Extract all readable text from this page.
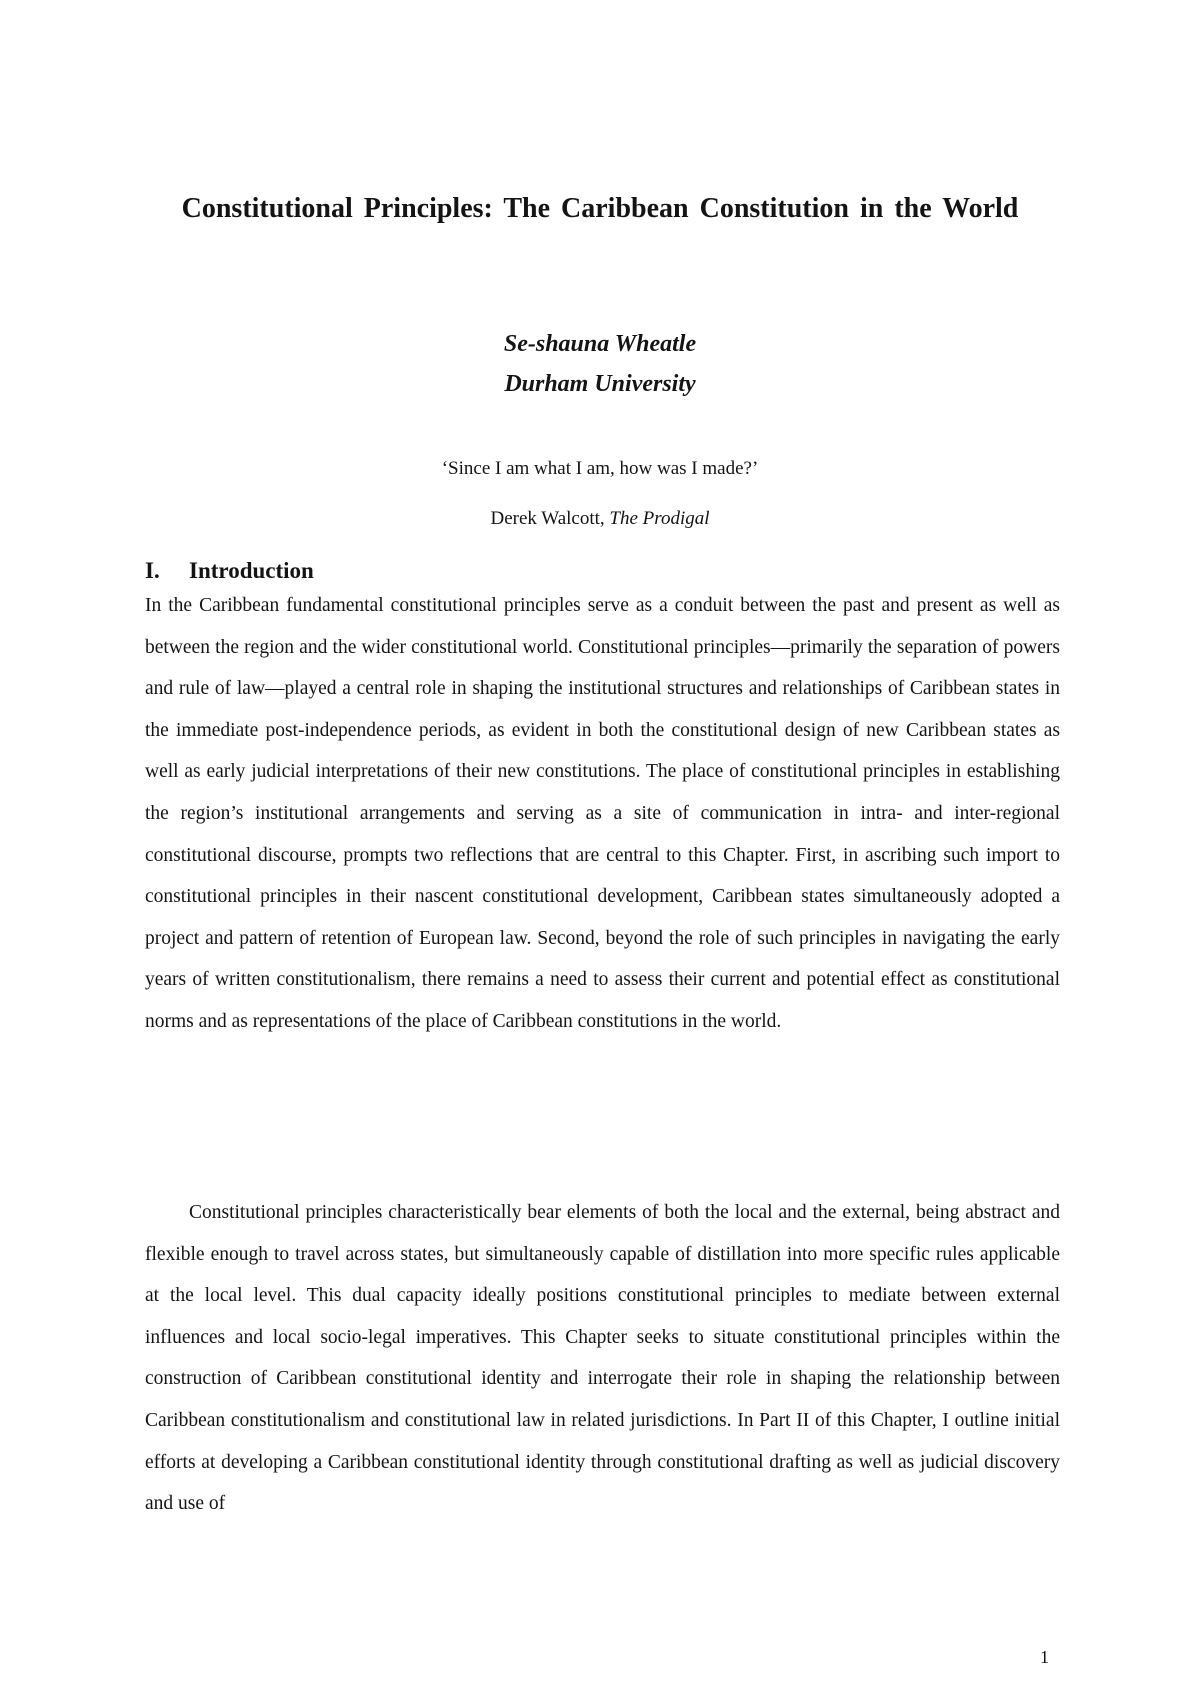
Constitutional Principles: The Caribbean Constitution in the World
Se-shauna Wheatle
Durham University
‘Since I am what I am, how was I made?’
Derek Walcott, The Prodigal
I. Introduction

In the Caribbean fundamental constitutional principles serve as a conduit between the past and present as well as between the region and the wider constitutional world. Constitutional principles—primarily the separation of powers and rule of law—played a central role in shaping the institutional structures and relationships of Caribbean states in the immediate post-independence periods, as evident in both the constitutional design of new Caribbean states as well as early judicial interpretations of their new constitutions. The place of constitutional principles in establishing the region’s institutional arrangements and serving as a site of communication in intra- and inter-regional constitutional discourse, prompts two reflections that are central to this Chapter. First, in ascribing such import to constitutional principles in their nascent constitutional development, Caribbean states simultaneously adopted a project and pattern of retention of European law. Second, beyond the role of such principles in navigating the early years of written constitutionalism, there remains a need to assess their current and potential effect as constitutional norms and as representations of the place of Caribbean constitutions in the world.

Constitutional principles characteristically bear elements of both the local and the external, being abstract and flexible enough to travel across states, but simultaneously capable of distillation into more specific rules applicable at the local level. This dual capacity ideally positions constitutional principles to mediate between external influences and local socio-legal imperatives. This Chapter seeks to situate constitutional principles within the construction of Caribbean constitutional identity and interrogate their role in shaping the relationship between Caribbean constitutionalism and constitutional law in related jurisdictions. In Part II of this Chapter, I outline initial efforts at developing a Caribbean constitutional identity through constitutional drafting as well as judicial discovery and use of

1
